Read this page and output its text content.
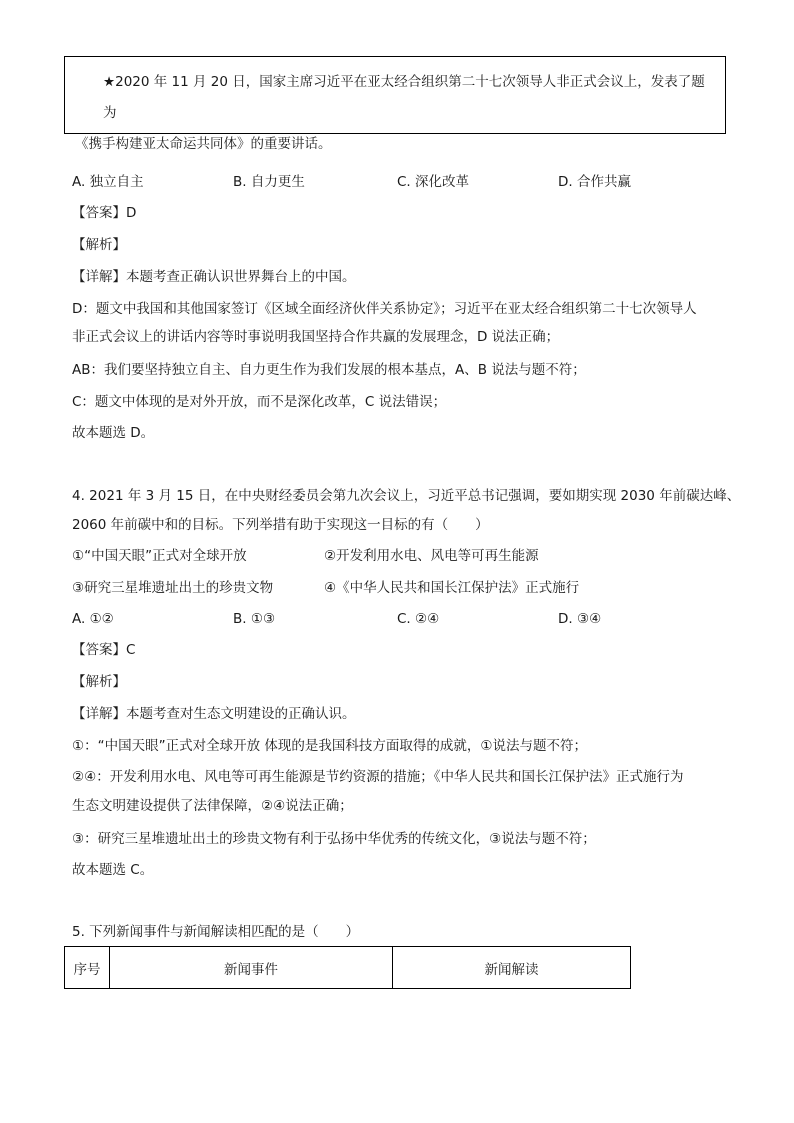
★2020 年 11 月 20 日，国家主席习近平在亚太经合组织第二十七次领导人非正式会议上，发表了题为

《携手构建亚太命运共同体》的重要讲话。

A. 独立自主	B. 自力更生	C. 深化改革	D. 合作共赢
【答案】D
【解析】
【详解】本题考查正确认识世界舞台上的中国。
D：题文中我国和其他国家签订《区域全面经济伙伴关系协定》；习近平在亚太经合组织第二十七次领导人
非正式会议上的讲话内容等时事说明我国坚持合作共赢的发展理念，D 说法正确；
AB：我们要坚持独立自主、自力更生作为我们发展的根本基点，A、B 说法与题不符；
C：题文中体现的是对外开放，而不是深化改革，C 说法错误；
故本题选 D。
4. 2021 年 3 月 15 日，在中央财经委员会第九次会议上，习近平总书记强调，要如期实现 2030 年前碳达峰、
2060 年前碳中和的目标。下列举措有助于实现这一目标的有（　　）
①“中国天眼”正式对全球开放	②开发利用水电、风电等可再生能源
③研究三星堆遗址出土的珍贵文物	④《中华人民共和国长江保护法》正式施行
A. ①②	B. ①③	C. ②④	D. ③④
【答案】C
【解析】
【详解】本题考查对生态文明建设的正确认识。
①：“中国天眼”正式对全球开放 体现的是我国科技方面取得的成就，①说法与题不符；
②④：开发利用水电、风电等可再生能源是节约资源的措施；《中华人民共和国长江保护法》正式施行为
生态文明建设提供了法律保障，②④说法正确；
③：研究三星堆遗址出土的珍贵文物有利于弘扬中华优秀的传统文化，③说法与题不符；
故本题选 C。
5. 下列新闻事件与新闻解读相匹配的是（　　）
序号	新闻事件	新闻解读
